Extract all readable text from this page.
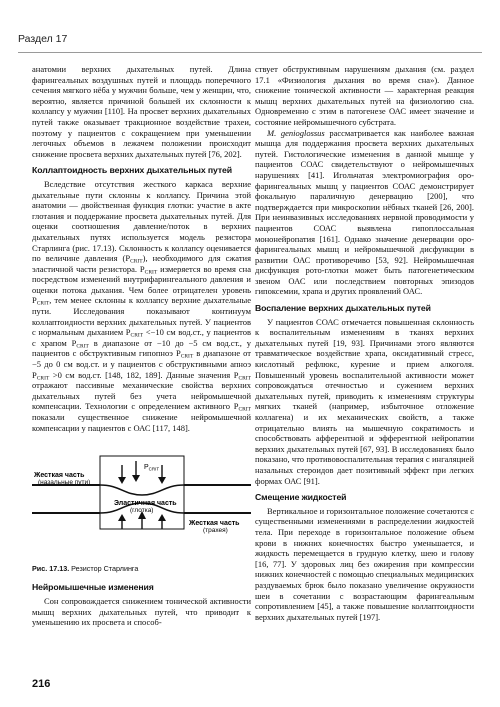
Раздел 17

анатомии верхних дыхательных путей. Длина фарингеальных воздушных путей и площадь поперечного сечения мягкого нёба у мужчин больше, чем у женщин, что, вероятно, является причиной большей их склонности к коллапсу у мужчин [110]. На просвет верхних дыхательных путей также оказывает тракционное воздействие трахеи, поэтому у пациентов с сокращением при уменьшении легочных объемов в лежачем положении происходит снижение просвета верхних дыхательных путей [76, 202].

Коллаптоидность верхних дыхательных путей

Вследствие отсутствия жесткого каркаса верхние дыхательные пути склонны к коллапсу. Причина этой анатомии — двойственная функция глотки: участие в акте глотания и поддержание просвета дыхательных путей. Для оценки соотношения давление/поток в верхних дыхательных путях используется модель резистора Старлинга (рис. 17.13). Склонность к коллапсу оценивается по величине давления $(P_{CRIT})$, необходимого для сжатия эластичной части резистора. $P_{CRIT}$ измеряется во время сна посредством изменений внутрифарингеального давления и оценки потока дыхания. Чем более отрицателен уровень $P_{CRIT}$, тем менее склонны к коллапсу верхние дыхательные пути. Исследования показывают континуум коллаптоидности верхних дыхательных путей. У пациентов с нормальным дыханием $P_{CRIT} <-10$ см вод.ст., у пациентов с храпом $P_{CRIT}$ в диапазоне от −10 до −5 см вод.ст., у пациентов с обструктивным гипопноэ $P_{CRIT}$ в диапазоне от −5 до 0 см вод.ст. и у пациентов с обструктивными апноэ $P_{CRIT} >0$ см вод.ст. [148, 182, 189]. Данные значения $P_{CRIT}$ отражают пассивные механические свойства верхних дыхательных путей без учета нейромышечной компенсации. Технологии с определением активного $P_{CRIT}$ показали существенное снижение нейромышечной компенсации у пациентов с ОАС [117, 148].

$P_{CRIT}$
Жесткая часть
(назальные пути)
Эластичная часть
(глотка)
Жесткая часть
(трахея)
Рис. 17.13. Резистор Старлинга
Нейромышечные изменения

Сон сопровождается снижением тонической активности мышц верхних дыхательных путей, что приводит к уменьшению их просвета и способ-

ствует обструктивным нарушениям дыхания (см. раздел 17.1 «Физиология дыхания во время сна»). Данное снижение тонической активности — характерная реакция мышц верхних дыхательных путей на физиологию сна. Одновременно с этим в патогенезе ОАС имеет значение и состояние нейромышечного субстрата.

M. genioglossus рассматривается как наиболее важная мышца для поддержания просвета верхних дыхательных путей. Гистологические изменения в данной мышце у пациентов СОАС свидетельствуют о нейромышечных нарушениях [41]. Игольчатая электромиография оро-фарингеальных мышц у пациентов СОАС демонстрирует фокальную параличную денервацию [200], что подтверждается при микроскопии нёбных тканей [26, 200]. При неинвазивных исследованиях нервной проводимости у пациентов СОАС выявлена гипоплоссальная мононейропатия [161]. Однако значение денервации оро-фарингеальных мышц и нейромышечной дисфункции в развитии ОАС противоречиво [53, 92]. Нейромышечная дисфункция рото-глотки может быть патогенетическим звеном ОАС или последствием повторных эпизодов гипоксемии, храпа и других проявлений ОАС.

Воспаление верхних дыхательных путей

У пациентов СОАС отмечается повышенная склонность к воспалительным изменениям в тканях верхних дыхательных путей [19, 93]. Причинами этого являются травматическое воздействие храпа, оксидативный стресс, кислотный рефлюкс, курение и прием алкоголя. Повышенный уровень воспалительной активности может сопровождаться отечностью и сужением верхних дыхательных путей, приводить к изменениям структуры мягких тканей (например, избыточное отложение коллагена) и их механических свойств, а также отрицательно влиять на мышечную сократимость и способствовать афферентной и эфферентной нейропатии верхних дыхательных путей [67, 93]. В исследованиях было показано, что противовоспалительная терапия с ингаляцией назальных стероидов дает позитивный эффект при легких формах ОАС [91].

Смещение жидкостей

Вертикальное и горизонтальное положение сочетаются с существенными изменениями в распределении жидкостей тела. При переходе в горизонтальное положение объем крови в нижних конечностях быстро уменьшается, и жидкость перемещается в грудную клетку, шею и голову [16, 77]. У здоровых лиц без ожирения при компрессии нижних конечностей с помощью специальных медицинских раздуваемых брюк было показано увеличение окружности шеи в сочетании с возрастающим фарингеальным сопротивлением [45], а также повышение коллаптоидности верхних дыхательных путей [197].

216
